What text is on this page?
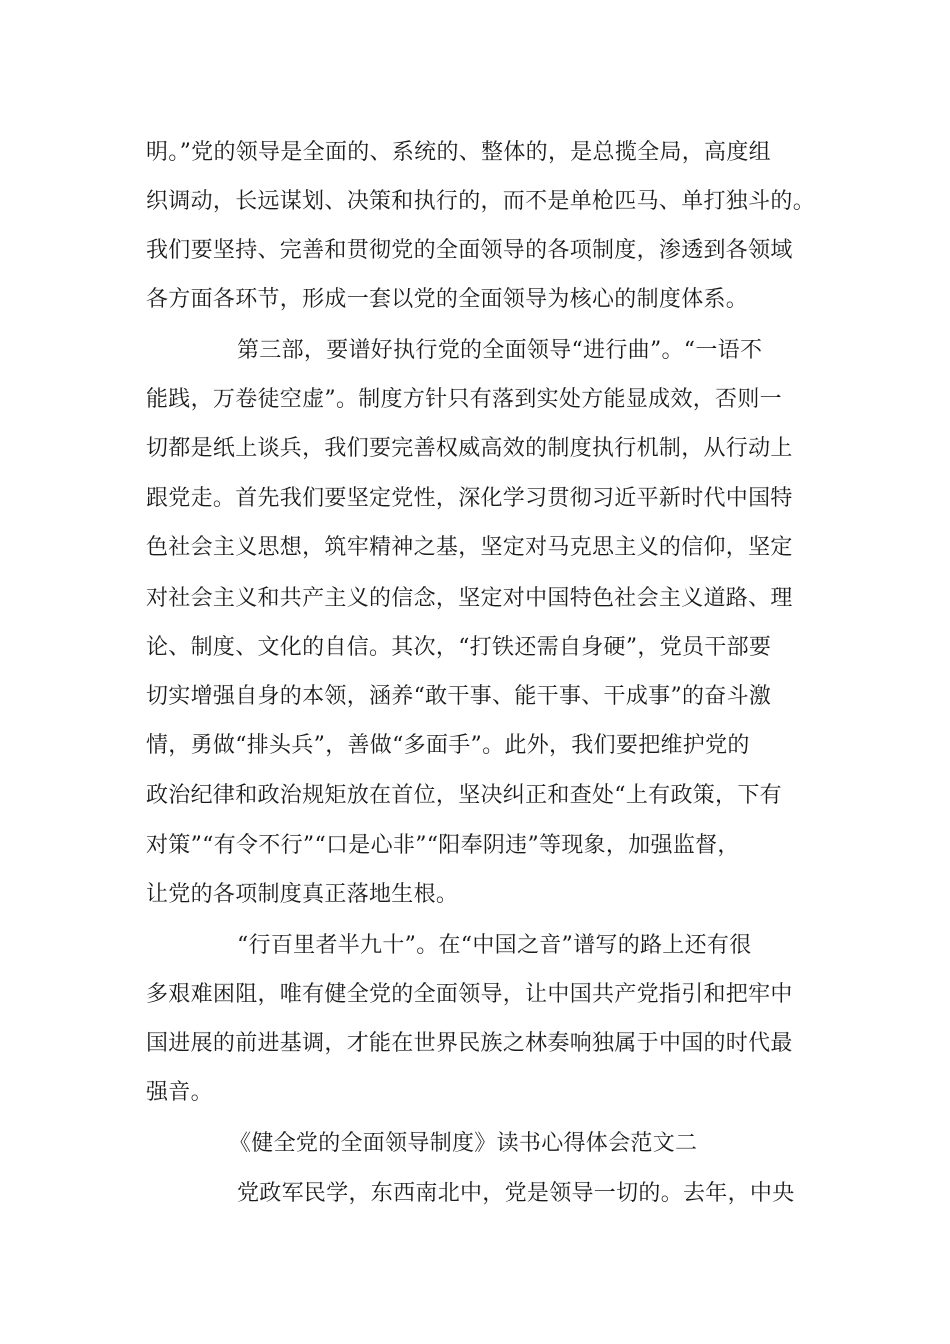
明。”党的领导是全面的、系统的、整体的，是总揽全局，高度组

织调动，长远谋划、决策和执行的，而不是单枪匹马、单打独斗的。

我们要坚持、完善和贯彻党的全面领导的各项制度，渗透到各领域

各方面各环节，形成一套以党的全面领导为核心的制度体系。

第三部，要谱好执行党的全面领导“进行曲”。“一语不

能践，万卷徒空虚”。制度方针只有落到实处方能显成效，否则一

切都是纸上谈兵，我们要完善权威高效的制度执行机制，从行动上

跟党走。首先我们要坚定党性，深化学习贯彻习近平新时代中国特

色社会主义思想，筑牢精神之基，坚定对马克思主义的信仰，坚定

对社会主义和共产主义的信念，坚定对中国特色社会主义道路、理

论、制度、文化的自信。其次，“打铁还需自身硬”，党员干部要

切实增强自身的本领，涵养“敢干事、能干事、干成事”的奋斗激

情，勇做“排头兵”，善做“多面手”。此外，我们要把维护党的

政治纪律和政治规矩放在首位，坚决纠正和查处“上有政策，下有

对策”“有令不行”“口是心非”“阳奉阴违”等现象，加强监督，

让党的各项制度真正落地生根。

“行百里者半九十”。在“中国之音”谱写的路上还有很

多艰难困阻，唯有健全党的全面领导，让中国共产党指引和把牢中

国进展的前进基调，才能在世界民族之林奏响独属于中国的时代最

强音。

《健全党的全面领导制度》读书心得体会范文二

党政军民学，东西南北中，党是领导一切的。去年，中央
